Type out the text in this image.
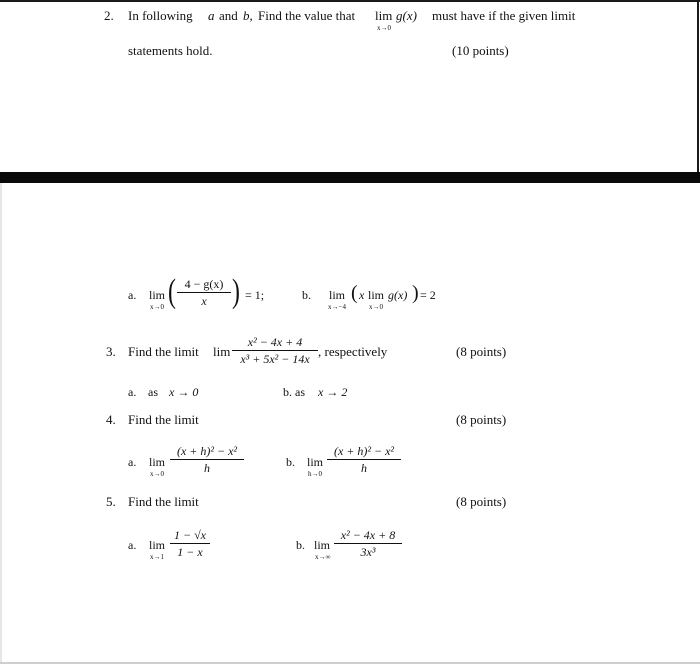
2. In following a and b, Find the value that lim
x→0
g(x) must have if the given limit
statements hold.	(10 points)
a. lim
x→0 ( 4 − g(x)
x ) = 1;	b. lim
x→−4
( x lim
x→0
g(x) ) = 2
3. Find the limit lim
x² − 4x + 4
x³ + 5x² − 14x , respectively	(8 points)
a. as x → 0	b. as x → 2
4. Find the limit	(8 points)
a. lim
x→0
(x + h)² − x²
h	b. lim
h→0
(x + h)² − x²
h
5. Find the limit	(8 points)
a. lim
x→1
1 − √x
1 − x	b. lim
x→∞
x² − 4x + 8
3x³
